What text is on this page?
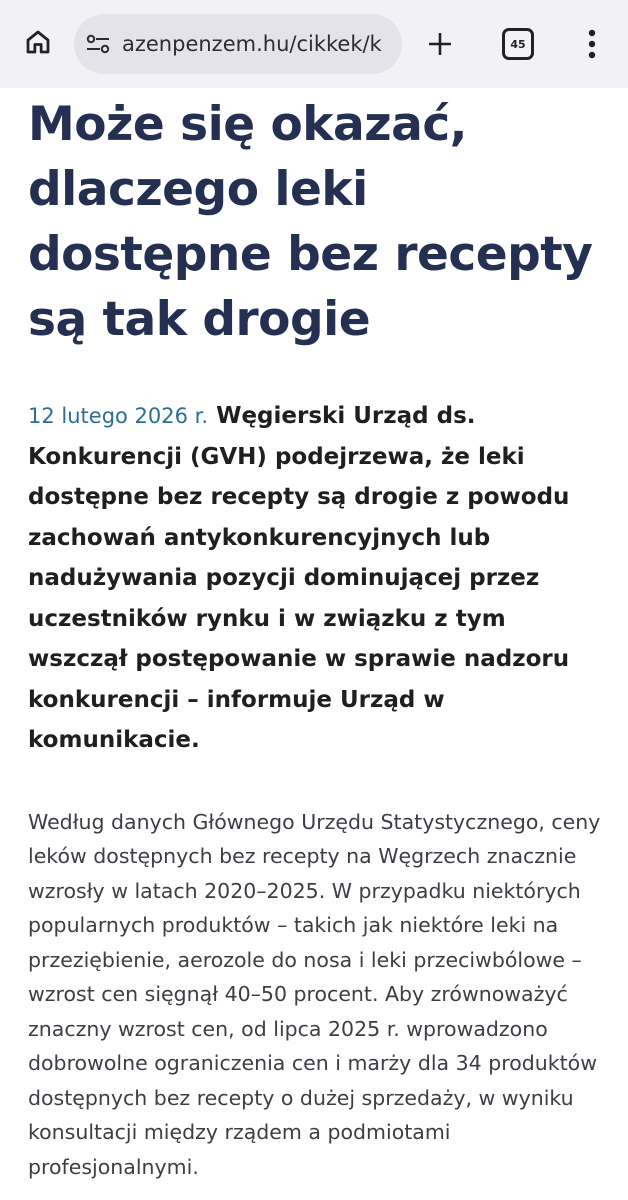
azenpenzem.hu/cikkek/k	45
Może się okazać, dlaczego leki dostępne bez recepty są tak drogie

12 lutego 2026 r. Węgierski Urząd ds. Konkurencji (GVH) podejrzewa, że leki dostępne bez recepty są drogie z powodu zachowań antykonkurencyjnych lub nadużywania pozycji dominującej przez uczestników rynku i w związku z tym wszczął postępowanie w sprawie nadzoru konkurencji – informuje Urząd w komunikacie.

Według danych Głównego Urzędu Statystycznego, ceny leków dostępnych bez recepty na Węgrzech znacznie wzrosły w latach 2020–2025. W przypadku niektórych popularnych produktów – takich jak niektóre leki na przeziębienie, aerozole do nosa i leki przeciwbólowe – wzrost cen sięgnął 40–50 procent. Aby zrównoważyć znaczny wzrost cen, od lipca 2025 r. wprowadzono dobrowolne ograniczenia cen i marży dla 34 produktów dostępnych bez recepty o dużej sprzedaży, w wyniku konsultacji między rządem a podmiotami profesjonalnymi.
